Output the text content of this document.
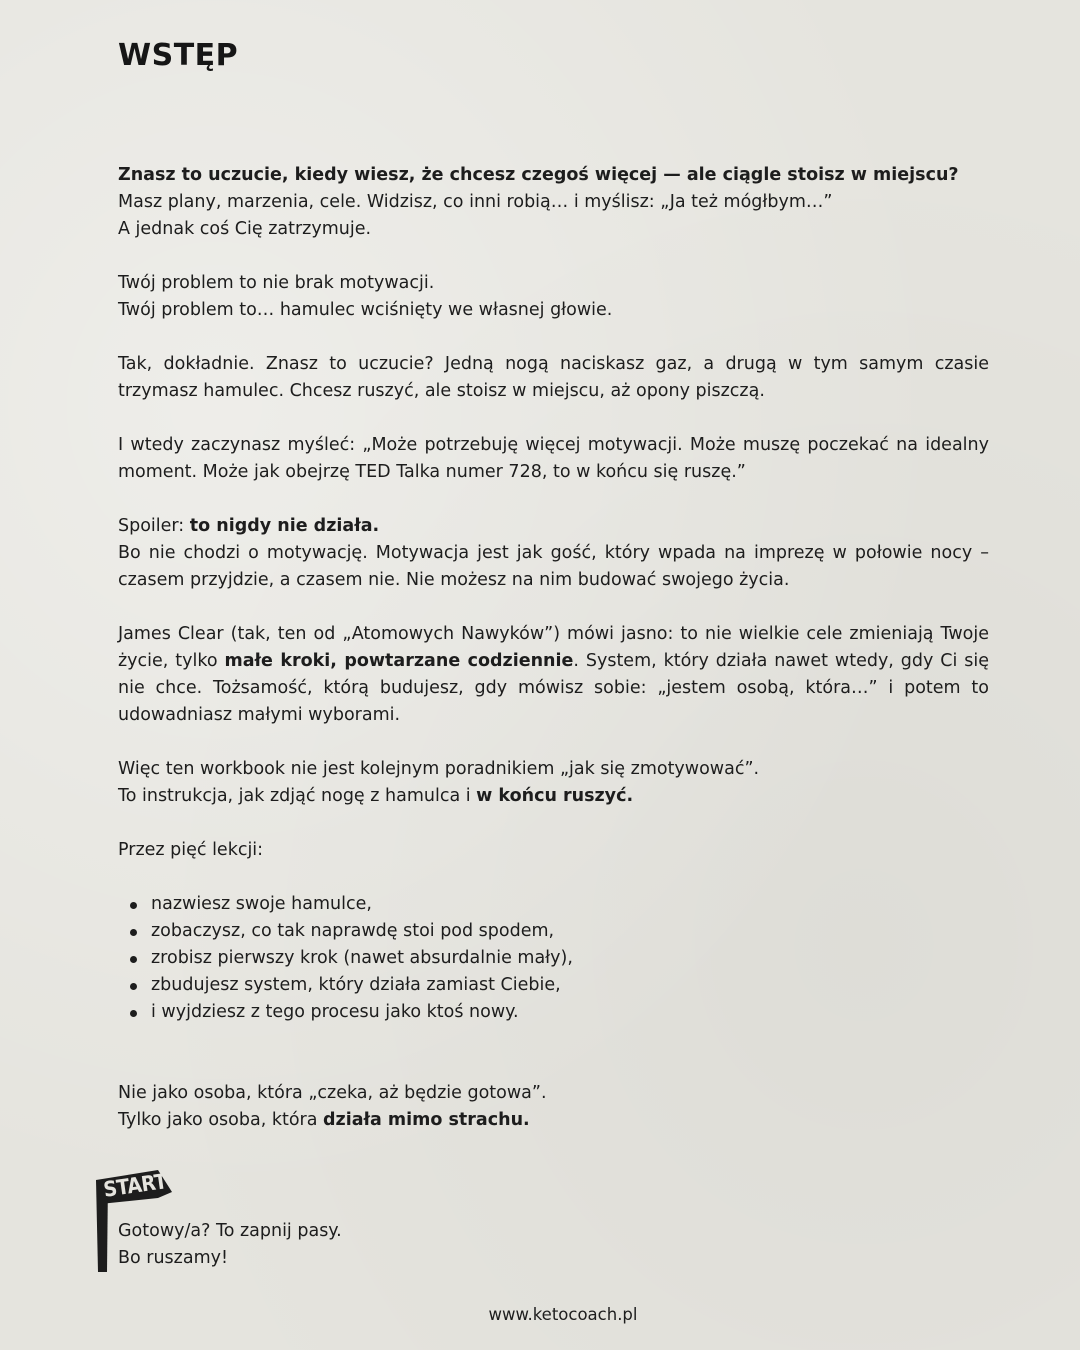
WSTĘP

Znasz to uczucie, kiedy wiesz, że chcesz czegoś więcej — ale ciągle stoisz w miejscu?
Masz plany, marzenia, cele. Widzisz, co inni robią… i myślisz: „Ja też mógłbym…”
A jednak coś Cię zatrzymuje.

Twój problem to nie brak motywacji.
Twój problem to… hamulec wciśnięty we własnej głowie.

Tak, dokładnie. Znasz to uczucie? Jedną nogą naciskasz gaz, a drugą w tym samym czasie trzymasz hamulec. Chcesz ruszyć, ale stoisz w miejscu, aż opony piszczą.

I wtedy zaczynasz myśleć: „Może potrzebuję więcej motywacji. Może muszę poczekać na idealny moment. Może jak obejrzę TED Talka numer 728, to w końcu się ruszę.”

Spoiler: to nigdy nie działa.
Bo nie chodzi o motywację. Motywacja jest jak gość, który wpada na imprezę w połowie nocy – czasem przyjdzie, a czasem nie. Nie możesz na nim budować swojego życia.

James Clear (tak, ten od „Atomowych Nawyków”) mówi jasno: to nie wielkie cele zmieniają Twoje życie, tylko małe kroki, powtarzane codziennie. System, który działa nawet wtedy, gdy Ci się nie chce. Tożsamość, którą budujesz, gdy mówisz sobie: „jestem osobą, która…” i potem to udowadniasz małymi wyborami.

Więc ten workbook nie jest kolejnym poradnikiem „jak się zmotywować”.
To instrukcja, jak zdjąć nogę z hamulca i w końcu ruszyć.

Przez pięć lekcji:

nazwiesz swoje hamulce,
zobaczysz, co tak naprawdę stoi pod spodem,
zrobisz pierwszy krok (nawet absurdalnie mały),
zbudujesz system, który działa zamiast Ciebie,
i wyjdziesz z tego procesu jako ktoś nowy.

Nie jako osoba, która „czeka, aż będzie gotowa”.
Tylko jako osoba, która działa mimo strachu.

START
Gotowy/a? To zapnij pasy.
Bo ruszamy!
www.ketocoach.pl
